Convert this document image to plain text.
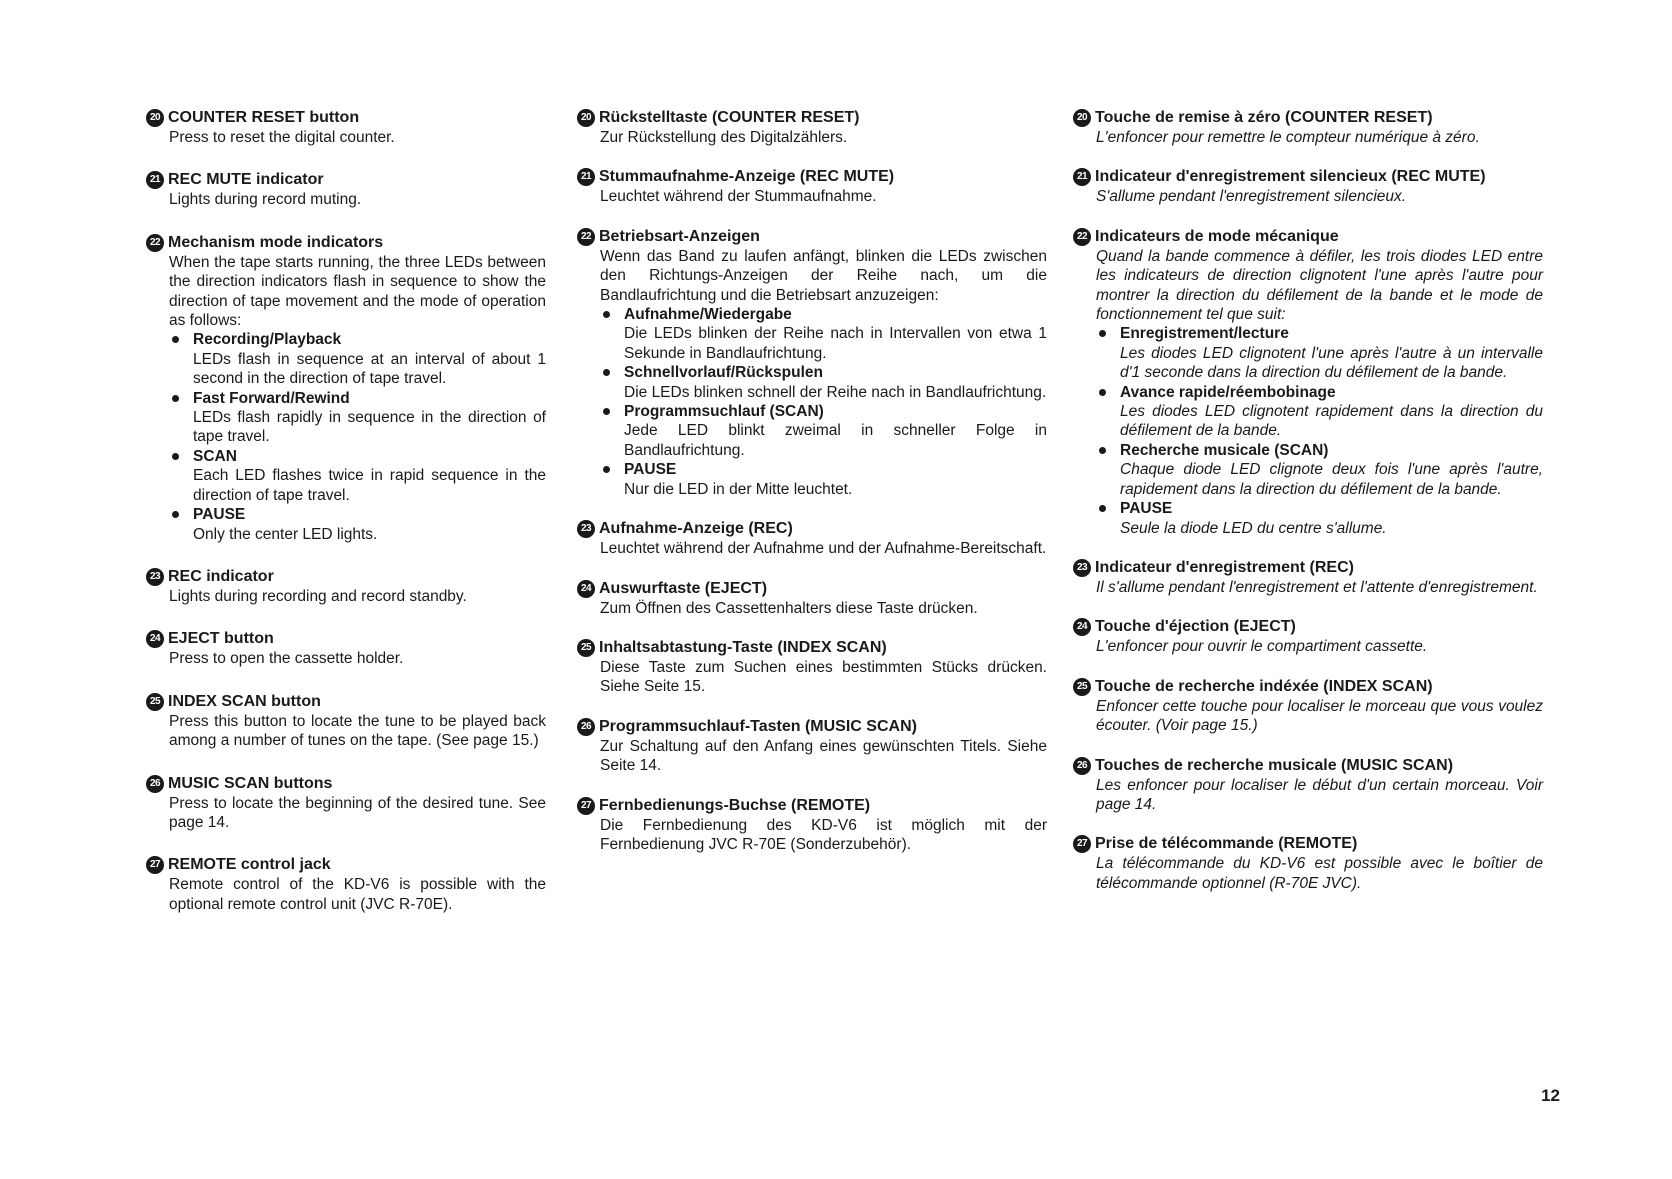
20 COUNTER RESET button
Press to reset the digital counter.
21 REC MUTE indicator
Lights during record muting.
22 Mechanism mode indicators
When the tape starts running, the three LEDs between the direction indicators flash in sequence to show the direction of tape movement and the mode of operation as follows:
Recording/Playback
LEDs flash in sequence at an interval of about 1 second in the direction of tape travel.
Fast Forward/Rewind
LEDs flash rapidly in sequence in the direction of tape travel.
SCAN
Each LED flashes twice in rapid sequence in the direction of tape travel.
PAUSE
Only the center LED lights.
23 REC indicator
Lights during recording and record standby.
24 EJECT button
Press to open the cassette holder.
25 INDEX SCAN button
Press this button to locate the tune to be played back among a number of tunes on the tape. (See page 15.)
26 MUSIC SCAN buttons
Press to locate the beginning of the desired tune. See page 14.
27 REMOTE control jack
Remote control of the KD-V6 is possible with the optional remote control unit (JVC R-70E).
20 Rückstelltaste (COUNTER RESET)
Zur Rückstellung des Digitalzählers.
21 Stummaufnahme-Anzeige (REC MUTE)
Leuchtet während der Stummaufnahme.
22 Betriebsart-Anzeigen
Wenn das Band zu laufen anfängt, blinken die LEDs zwischen den Richtungs-Anzeigen der Reihe nach, um die Bandlaufrichtung und die Betriebsart anzuzeigen:
Aufnahme/Wiedergabe
Die LEDs blinken der Reihe nach in Intervallen von etwa 1 Sekunde in Bandlaufrichtung.
Schnellvorlauf/Rückspulen
Die LEDs blinken schnell der Reihe nach in Bandlaufrichtung.
Programmsuchlauf (SCAN)
Jede LED blinkt zweimal in schneller Folge in Bandlaufrichtung.
PAUSE
Nur die LED in der Mitte leuchtet.
23 Aufnahme-Anzeige (REC)
Leuchtet während der Aufnahme und der Aufnahme-Bereitschaft.
24 Auswurftaste (EJECT)
Zum Öffnen des Cassettenhalters diese Taste drücken.
25 Inhaltsabtastung-Taste (INDEX SCAN)
Diese Taste zum Suchen eines bestimmten Stücks drücken. Siehe Seite 15.
26 Programmsuchlauf-Tasten (MUSIC SCAN)
Zur Schaltung auf den Anfang eines gewünschten Titels. Siehe Seite 14.
27 Fernbedienungs-Buchse (REMOTE)
Die Fernbedienung des KD-V6 ist möglich mit der Fernbedienung JVC R-70E (Sonderzubehör).
20 Touche de remise à zéro (COUNTER RESET)
L'enfoncer pour remettre le compteur numérique à zéro.
21 Indicateur d'enregistrement silencieux (REC MUTE)
S'allume pendant l'enregistrement silencieux.
22 Indicateurs de mode mécanique
Quand la bande commence à défiler, les trois diodes LED entre les indicateurs de direction clignotent l'une après l'autre pour montrer la direction du défilement de la bande et le mode de fonctionnement tel que suit:
Enregistrement/lecture
Les diodes LED clignotent l'une après l'autre à un intervalle d'1 seconde dans la direction du défilement de la bande.
Avance rapide/réembobinage
Les diodes LED clignotent rapidement dans la direction du défilement de la bande.
Recherche musicale (SCAN)
Chaque diode LED clignote deux fois l'une après l'autre, rapidement dans la direction du défilement de la bande.
PAUSE
Seule la diode LED du centre s'allume.
23 Indicateur d'enregistrement (REC)
Il s'allume pendant l'enregistrement et l'attente d'enregistrement.
24 Touche d'éjection (EJECT)
L'enfoncer pour ouvrir le compartiment cassette.
25 Touche de recherche indéxée (INDEX SCAN)
Enfoncer cette touche pour localiser le morceau que vous voulez écouter. (Voir page 15.)
26 Touches de recherche musicale (MUSIC SCAN)
Les enfoncer pour localiser le début d'un certain morceau. Voir page 14.
27 Prise de télécommande (REMOTE)
La télécommande du KD-V6 est possible avec le boîtier de télécommande optionnel (R-70E JVC).
12
